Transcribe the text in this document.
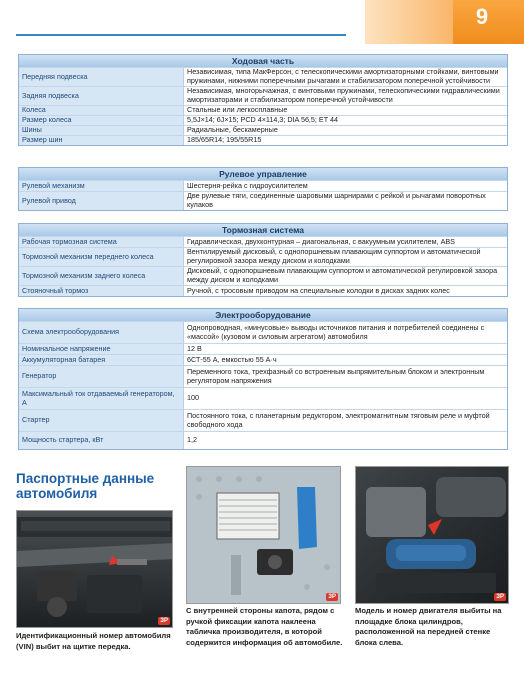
9
Ходовая часть
Передняя подвеска	Независимая, типа МакФерсон, с телескопическими амортизаторными стойками, винтовыми пружинами, нижними поперечными рычагами и стабилизатором поперечной устойчивости
Задняя подвеска	Независимая, многорычажная, с винтовыми пружинами, телескопическими гидравлическими амортизаторами и стабилизатором поперечной устойчивости
Колеса	Стальные или легкосплавные
Размер колеса	5,5J×14; 6J×15; PCD 4×114,3; DIA 56,5; ET 44
Шины	Радиальные, бескамерные
Размер шин	185/65R14; 195/55R15
Рулевое управление
Рулевой механизм	Шестерня-рейка с гидроусилителем
Рулевой привод	Две рулевые тяги, соединенные шаровыми шарнирами с рейкой и рычагами поворотных кулаков
Тормозная система
Рабочая тормозная система	Гидравлическая, двухконтурная – диагональная, с вакуумным усилителем, ABS
Тормозной механизм переднего колеса	Вентилируемый дисковый, с однопоршневым плавающим суппортом и автоматической регулировкой зазора между диском и колодками
Тормозной механизм заднего колеса	Дисковый, с однопоршневым плавающим суппортом и автоматической регулировкой зазора между диском и колодками
Стояночный тормоз	Ручной, с тросовым приводом на специальные колодки в дисках задних колес
Электрооборудование
Схема электрооборудования	Однопроводная, «минусовые» выводы источников питания и потребителей соединены с «массой» (кузовом и силовым агрегатом) автомобиля
Номинальное напряжение	12 В
Аккумуляторная батарея	6СТ-55 А, емкостью 55 А·ч
Генератор	Переменного тока, трехфазный со встроенным выпрямительным блоком и электронным регулятором напряжения
Максимальный ток отдаваемый генератором, А	100
Стартер	Постоянного тока, с планетарным редуктором, электромагнитным тяговым реле и муфтой свободного хода
Мощность стартера, кВт	1,2
Паспортные данные автомобиля
ЗР
ЗР	ЗР
Идентификационный номер автомобиля (VIN) выбит на щитке передка.
С внутренней стороны капота, рядом с ручкой фиксации капота наклеена табличка производителя, в которой содержится информация об автомобиле.
Модель и номер двигателя выбиты на площадке блока цилиндров, расположенной на передней стенке блока слева.
